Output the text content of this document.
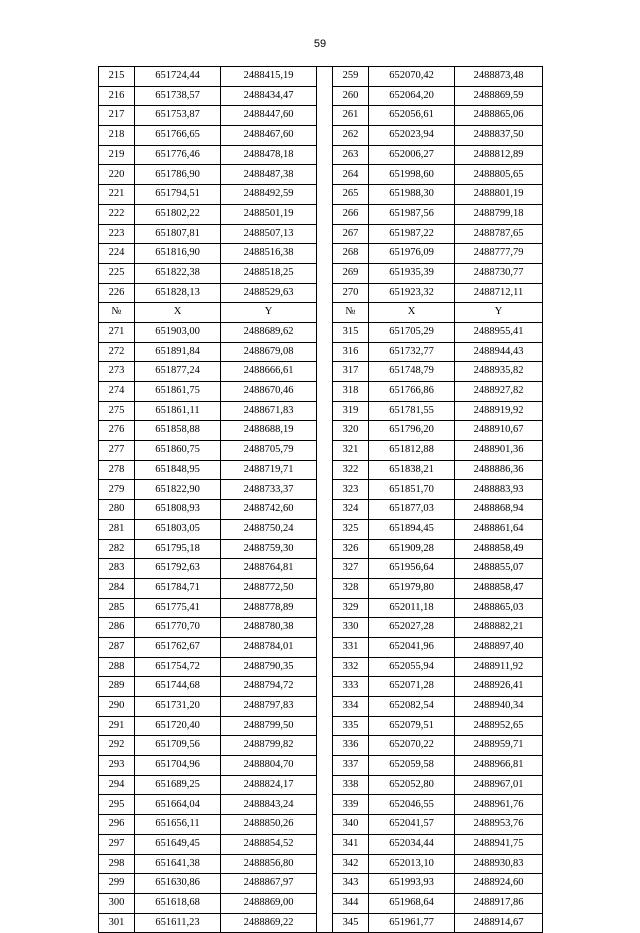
59
215	651724,44	2488415,19		259	652070,42	2488873,48
216	651738,57	2488434,47		260	652064,20	2488869,59
217	651753,87	2488447,60		261	652056,61	2488865,06
218	651766,65	2488467,60		262	652023,94	2488837,50
219	651776,46	2488478,18		263	652006,27	2488812,89
220	651786,90	2488487,38		264	651998,60	2488805,65
221	651794,51	2488492,59		265	651988,30	2488801,19
222	651802,22	2488501,19		266	651987,56	2488799,18
223	651807,81	2488507,13		267	651987,22	2488787,65
224	651816,90	2488516,38		268	651976,09	2488777,79
225	651822,38	2488518,25		269	651935,39	2488730,77
226	651828,13	2488529,63		270	651923,32	2488712,11
№	X	Y		№	X	Y
271	651903,00	2488689,62		315	651705,29	2488955,41
272	651891,84	2488679,08		316	651732,77	2488944,43
273	651877,24	2488666,61		317	651748,79	2488935,82
274	651861,75	2488670,46		318	651766,86	2488927,82
275	651861,11	2488671,83		319	651781,55	2488919,92
276	651858,88	2488688,19		320	651796,20	2488910,67
277	651860,75	2488705,79		321	651812,88	2488901,36
278	651848,95	2488719,71		322	651838,21	2488886,36
279	651822,90	2488733,37		323	651851,70	2488883,93
280	651808,93	2488742,60		324	651877,03	2488868,94
281	651803,05	2488750,24		325	651894,45	2488861,64
282	651795,18	2488759,30		326	651909,28	2488858,49
283	651792,63	2488764,81		327	651956,64	2488855,07
284	651784,71	2488772,50		328	651979,80	2488858,47
285	651775,41	2488778,89		329	652011,18	2488865,03
286	651770,70	2488780,38		330	652027,28	2488882,21
287	651762,67	2488784,01		331	652041,96	2488897,40
288	651754,72	2488790,35		332	652055,94	2488911,92
289	651744,68	2488794,72		333	652071,28	2488926,41
290	651731,20	2488797,83		334	652082,54	2488940,34
291	651720,40	2488799,50		335	652079,51	2488952,65
292	651709,56	2488799,82		336	652070,22	2488959,71
293	651704,96	2488804,70		337	652059,58	2488966,81
294	651689,25	2488824,17		338	652052,80	2488967,01
295	651664,04	2488843,24		339	652046,55	2488961,76
296	651656,11	2488850,26		340	652041,57	2488953,76
297	651649,45	2488854,52		341	652034,44	2488941,75
298	651641,38	2488856,80		342	652013,10	2488930,83
299	651630,86	2488867,97		343	651993,93	2488924,60
300	651618,68	2488869,00		344	651968,64	2488917,86
301	651611,23	2488869,22		345	651961,77	2488914,67
